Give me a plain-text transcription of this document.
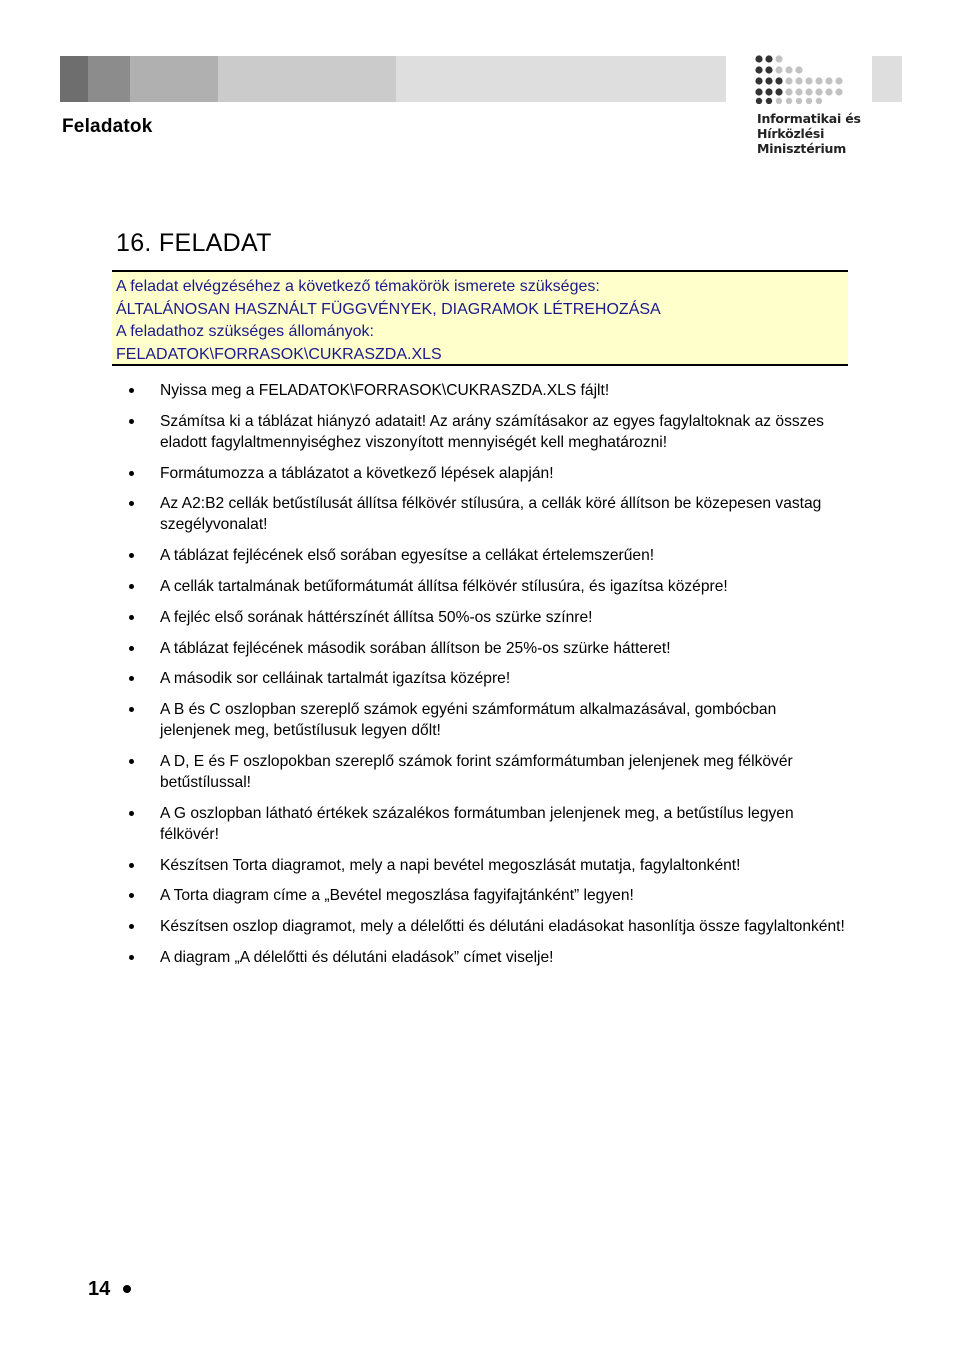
Feladatok	Informatikai és
Hírközlési
Minisztérium
16. FELADAT
A feladat elvégzéséhez a következő témakörök ismerete szükséges:
ÁLTALÁNOSAN HASZNÁLT FÜGGVÉNYEK, DIAGRAMOK LÉTREHOZÁSA
A feladathoz szükséges állományok:
FELADATOK\FORRASOK\CUKRASZDA.XLS
Nyissa meg a FELADATOK\FORRASOK\CUKRASZDA.XLS fájlt!
Számítsa ki a táblázat hiányzó adatait! Az arány számításakor az egyes fagylaltoknak az összes eladott fagylaltmennyiséghez viszonyított mennyiségét kell meghatározni!
Formátumozza a táblázatot a következő lépések alapján!
Az A2:B2 cellák betűstílusát állítsa félkövér stílusúra, a cellák köré állítson be közepesen vastag szegélyvonalat!
A táblázat fejlécének első sorában egyesítse a cellákat értelemszerűen!
A cellák tartalmának betűformátumát állítsa félkövér stílusúra, és igazítsa középre!
A fejléc első sorának háttérszínét állítsa 50%-os szürke színre!
A táblázat fejlécének második sorában állítson be 25%-os szürke hátteret!
A második sor celláinak tartalmát igazítsa középre!
A B és C oszlopban szereplő számok egyéni számformátum alkalmazásával, gombócban jelenjenek meg, betűstílusuk legyen dőlt!
A D, E és F oszlopokban szereplő számok forint számformátumban jelenjenek meg félkövér betűstílussal!
A G oszlopban látható értékek százalékos formátumban jelenjenek meg, a betűstílus legyen félkövér!
Készítsen Torta diagramot, mely a napi bevétel megoszlását mutatja, fagylaltonként!
A Torta diagram címe a „Bevétel megoszlása fagyifajtánként” legyen!
Készítsen oszlop diagramot, mely a délelőtti és délutáni eladásokat hasonlítja össze fagylaltonként!
A diagram „A délelőtti és délutáni eladások” címet viselje!
14
